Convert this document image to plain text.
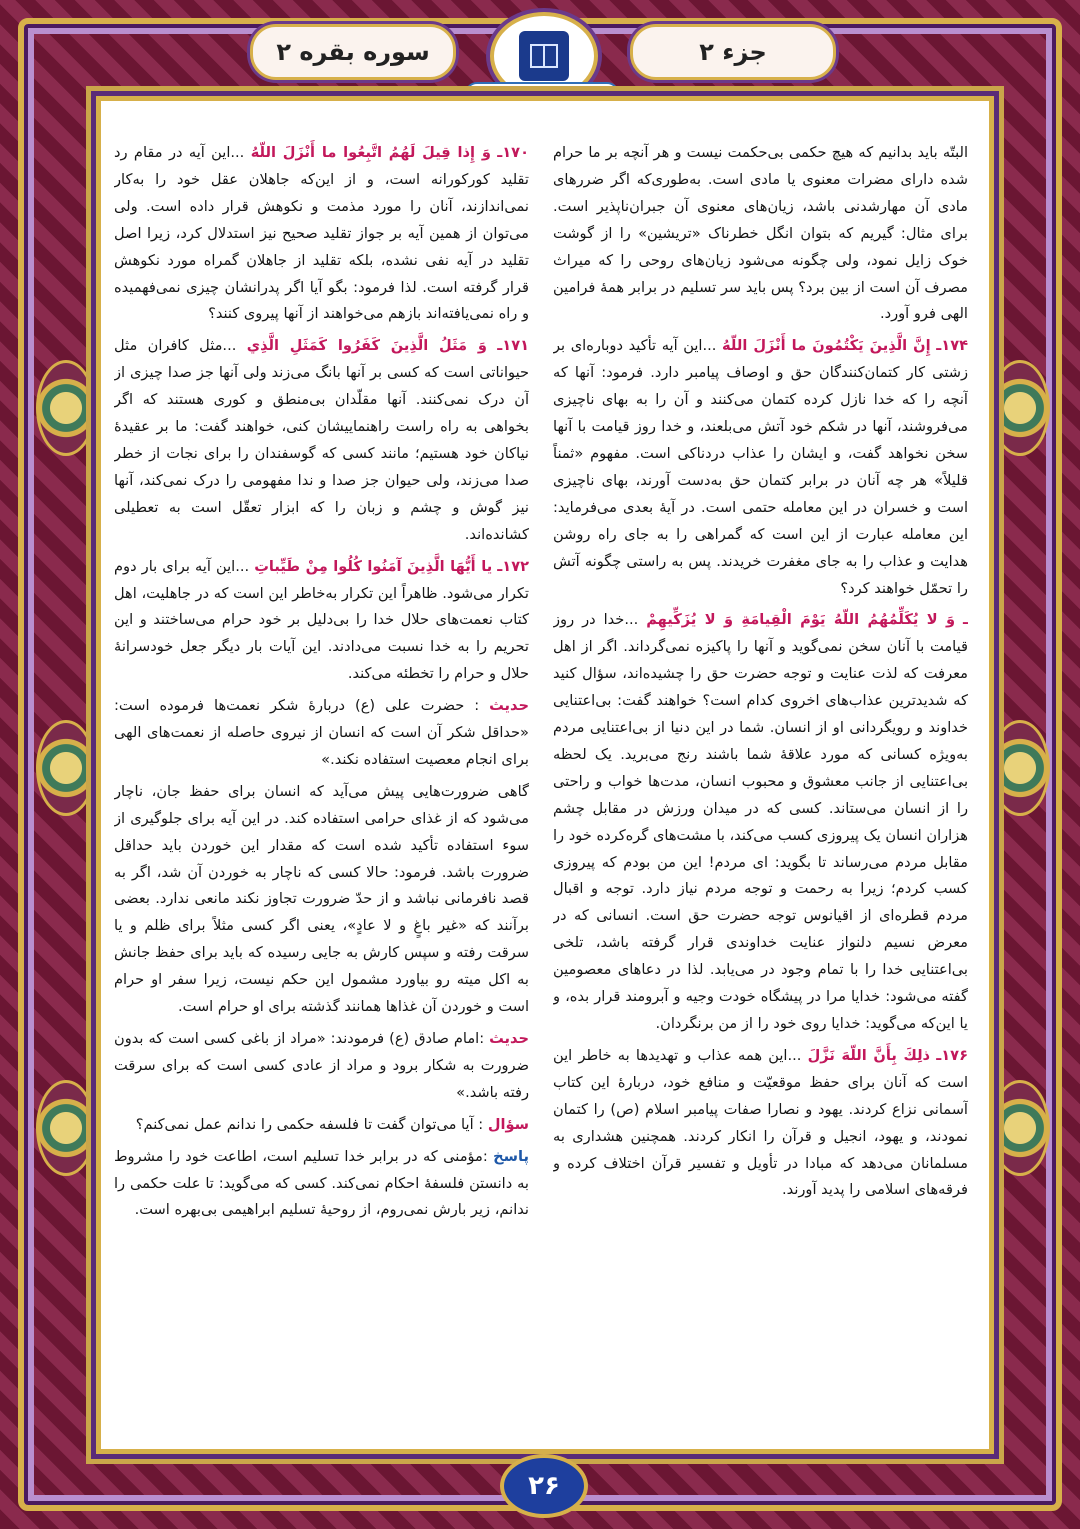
سوره بقره ۲	جزء ۲

۱۷۰ـ وَ إِذا قِيلَ لَهُمُ اتَّبِعُوا ما أَنْزَلَ اللّهُ ...این آیه در مقام رد تقلید کورکورانه است، و از این‌که جاهلان عقل خود را به‌کار نمی‌اندازند، آنان را مورد مذمت و نکوهش قرار داده است. ولی می‌توان از همین آیه بر جواز تقلید صحیح نیز استدلال کرد، زیرا اصل تقلید در آیه نفی نشده، بلکه تقلید از جاهلان گمراه مورد نکوهش قرار گرفته است. لذا فرمود: بگو آیا اگر پدرانشان چیزی نمی‌فهمیده و راه نمی‌یافته‌اند بازهم می‌خواهند از آنها پیروی کنند؟

۱۷۱ـ وَ مَثَلُ الَّذِينَ كَفَرُوا كَمَثَلِ الَّذِي ...مثل کافران مثل حیواناتی است که کسی بر آنها بانگ می‌زند ولی آنها جز صدا چیزی از آن درک نمی‌کنند. آنها مقلّدان بی‌منطق و کوری هستند که اگر بخواهی به راه راست راهنماییشان کنی، خواهند گفت: ما بر عقیدهٔ نیاکان خود هستیم؛ مانند کسی که گوسفندان را برای نجات از خطر صدا می‌زند، ولی حیوان جز صدا و ندا مفهومی را درک نمی‌کند، آنها نیز گوش و چشم و زبان را که ابزار تعقّل است به تعطیلی کشانده‌اند.

۱۷۲ـ يا أَيُّهَا الَّذِينَ آمَنُوا كُلُوا مِنْ طَيِّباتِ ...این آیه برای بار دوم تکرار می‌شود. ظاهراً این تکرار به‌خاطر این است که در جاهلیت، اهل کتاب نعمت‌های حلال خدا را بی‌دلیل بر خود حرام می‌ساختند و این تحریم را به خدا نسبت می‌دادند. این آیات بار دیگر جعل خودسرانهٔ حلال و حرام را تخطئه می‌کند.

حدیث : حضرت علی (ع) دربارهٔ شکر نعمت‌ها فرموده است: «حداقل شکر آن است که انسان از نیروی حاصله از نعمت‌های الهی برای انجام معصیت استفاده نکند.»

گاهی ضرورت‌هایی پیش می‌آید که انسان برای حفظ جان، ناچار می‌شود که از غذای حرامی استفاده کند. در این آیه برای جلوگیری از سوء استفاده تأکید شده است که مقدار این خوردن باید حداقل ضرورت باشد. فرمود: حالا کسی که ناچار به خوردن آن شد، اگر به قصد نافرمانی نباشد و از حدّ ضرورت تجاوز نکند مانعی ندارد. بعضی برآنند که «غیر باغٍ و لا عادٍ»، یعنی اگر کسی مثلاً برای ظلم و یا سرقت رفته و سپس کارش به جایی رسیده که باید برای حفظ جانش به اکل میته رو بیاورد مشمول این حکم نیست، زیرا سفر او حرام است و خوردن آن غذاها همانند گذشته برای او حرام است.

حدیث :امام صادق (ع) فرمودند: «مراد از باغی کسی است که بدون ضرورت به شکار برود و مراد از عادی کسی است که برای سرقت رفته باشد.»

سؤال : آیا می‌توان گفت تا فلسفه حکمی را ندانم عمل نمی‌کنم؟

پاسخ :مؤمنی که در برابر خدا تسلیم است، اطاعت خود را مشروط به دانستن فلسفهٔ احکام نمی‌کند. کسی که می‌گوید: تا علت حکمی را ندانم، زیر بارش نمی‌روم، از روحیهٔ تسلیم ابراهیمی بی‌بهره است.

البتّه باید بدانیم که هیچ حکمی بی‌حکمت نیست و هر آنچه بر ما حرام شده دارای مضرات معنوی یا مادی است. به‌طوری‌که اگر ضررهای مادی آن مهارشدنی باشد، زیان‌های معنوی آن جبران‌ناپذیر است. برای مثال: گیریم که بتوان انگل خطرناک «تریشین» را از گوشت خوک زایل نمود، ولی چگونه می‌شود زیان‌های روحی را که میراث مصرف آن است از بین برد؟ پس باید سر تسلیم در برابر همهٔ فرامین الهی فرو آورد.

۱۷۴ـ إِنَّ الَّذِينَ يَكْتُمُونَ ما أَنْزَلَ اللّهُ ...این آیه تأکید دوباره‌ای بر زشتی کار کتمان‌کنندگان حق و اوصاف پیامبر دارد. فرمود: آنها که آنچه را که خدا نازل کرده کتمان می‌کنند و آن را به بهای ناچیزی می‌فروشند، آنها در شکم خود آتش می‌بلعند، و خدا روز قیامت با آنها سخن نخواهد گفت، و ایشان را عذاب دردناکی است. مفهوم «ثمناً قلیلاً» هر چه آنان در برابر کتمان حق به‌دست آورند، بهای ناچیزی است و خسران در این معامله حتمی است. در آیهٔ بعدی می‌فرماید: این معامله عبارت از این است که گمراهی را به جای راه روشن هدایت و عذاب را به جای مغفرت خریدند. پس به راستی چگونه آتش را تحمّل خواهند کرد؟

ـ وَ لا يُكَلِّمُهُمُ اللّهُ يَوْمَ الْقِيامَةِ وَ لا يُزَكِّيهِمْ ...خدا در روز قیامت با آنان سخن نمی‌گوید و آنها را پاکیزه نمی‌گرداند. اگر از اهل معرفت که لذت عنایت و توجه حضرت حق را چشیده‌اند، سؤال کنید که شدیدترین عذاب‌های اخروی کدام است؟ خواهند گفت: بی‌اعتنایی خداوند و رویگردانی او از انسان. شما در این دنیا از بی‌اعتنایی مردم به‌ویژه کسانی که مورد علاقهٔ شما باشند رنج می‌برید. یک لحظه بی‌اعتنایی از جانب معشوق و محبوب انسان، مدت‌ها خواب و راحتی را از انسان می‌ستاند. کسی که در میدان ورزش در مقابل چشم هزاران انسان یک پیروزی کسب می‌کند، با مشت‌های گره‌کرده خود را مقابل مردم می‌رساند تا بگوید: ای مردم! این من بودم که پیروزی کسب کردم؛ زیرا به رحمت و توجه مردم نیاز دارد. توجه و اقبال مردم قطره‌ای از اقیانوس توجه حضرت حق است. انسانی که در معرض نسیم دلنواز عنایت خداوندی قرار گرفته باشد، تلخی بی‌اعتنایی خدا را با تمام وجود در می‌یابد. لذا در دعاهای معصومین گفته می‌شود: خدایا مرا در پیشگاه خودت وجیه و آبرومند قرار بده، و یا این‌که می‌گوید: خدایا روی خود را از من برنگردان.

۱۷۶ـ ذلِكَ بِأَنَّ اللّهَ نَزَّلَ ...این همه عذاب و تهدیدها به خاطر این است که آنان برای حفظ موقعیّت و منافع خود، دربارهٔ این کتاب آسمانی نزاع کردند. یهود و نصارا صفات پیامبر اسلام (ص) را کتمان نمودند، و یهود، انجیل و قرآن را انکار کردند. همچنین هشداری به مسلمانان می‌دهد که مبادا در تأویل و تفسیر قرآن اختلاف کرده و فرقه‌های اسلامی را پدید آورند.

۲۶
